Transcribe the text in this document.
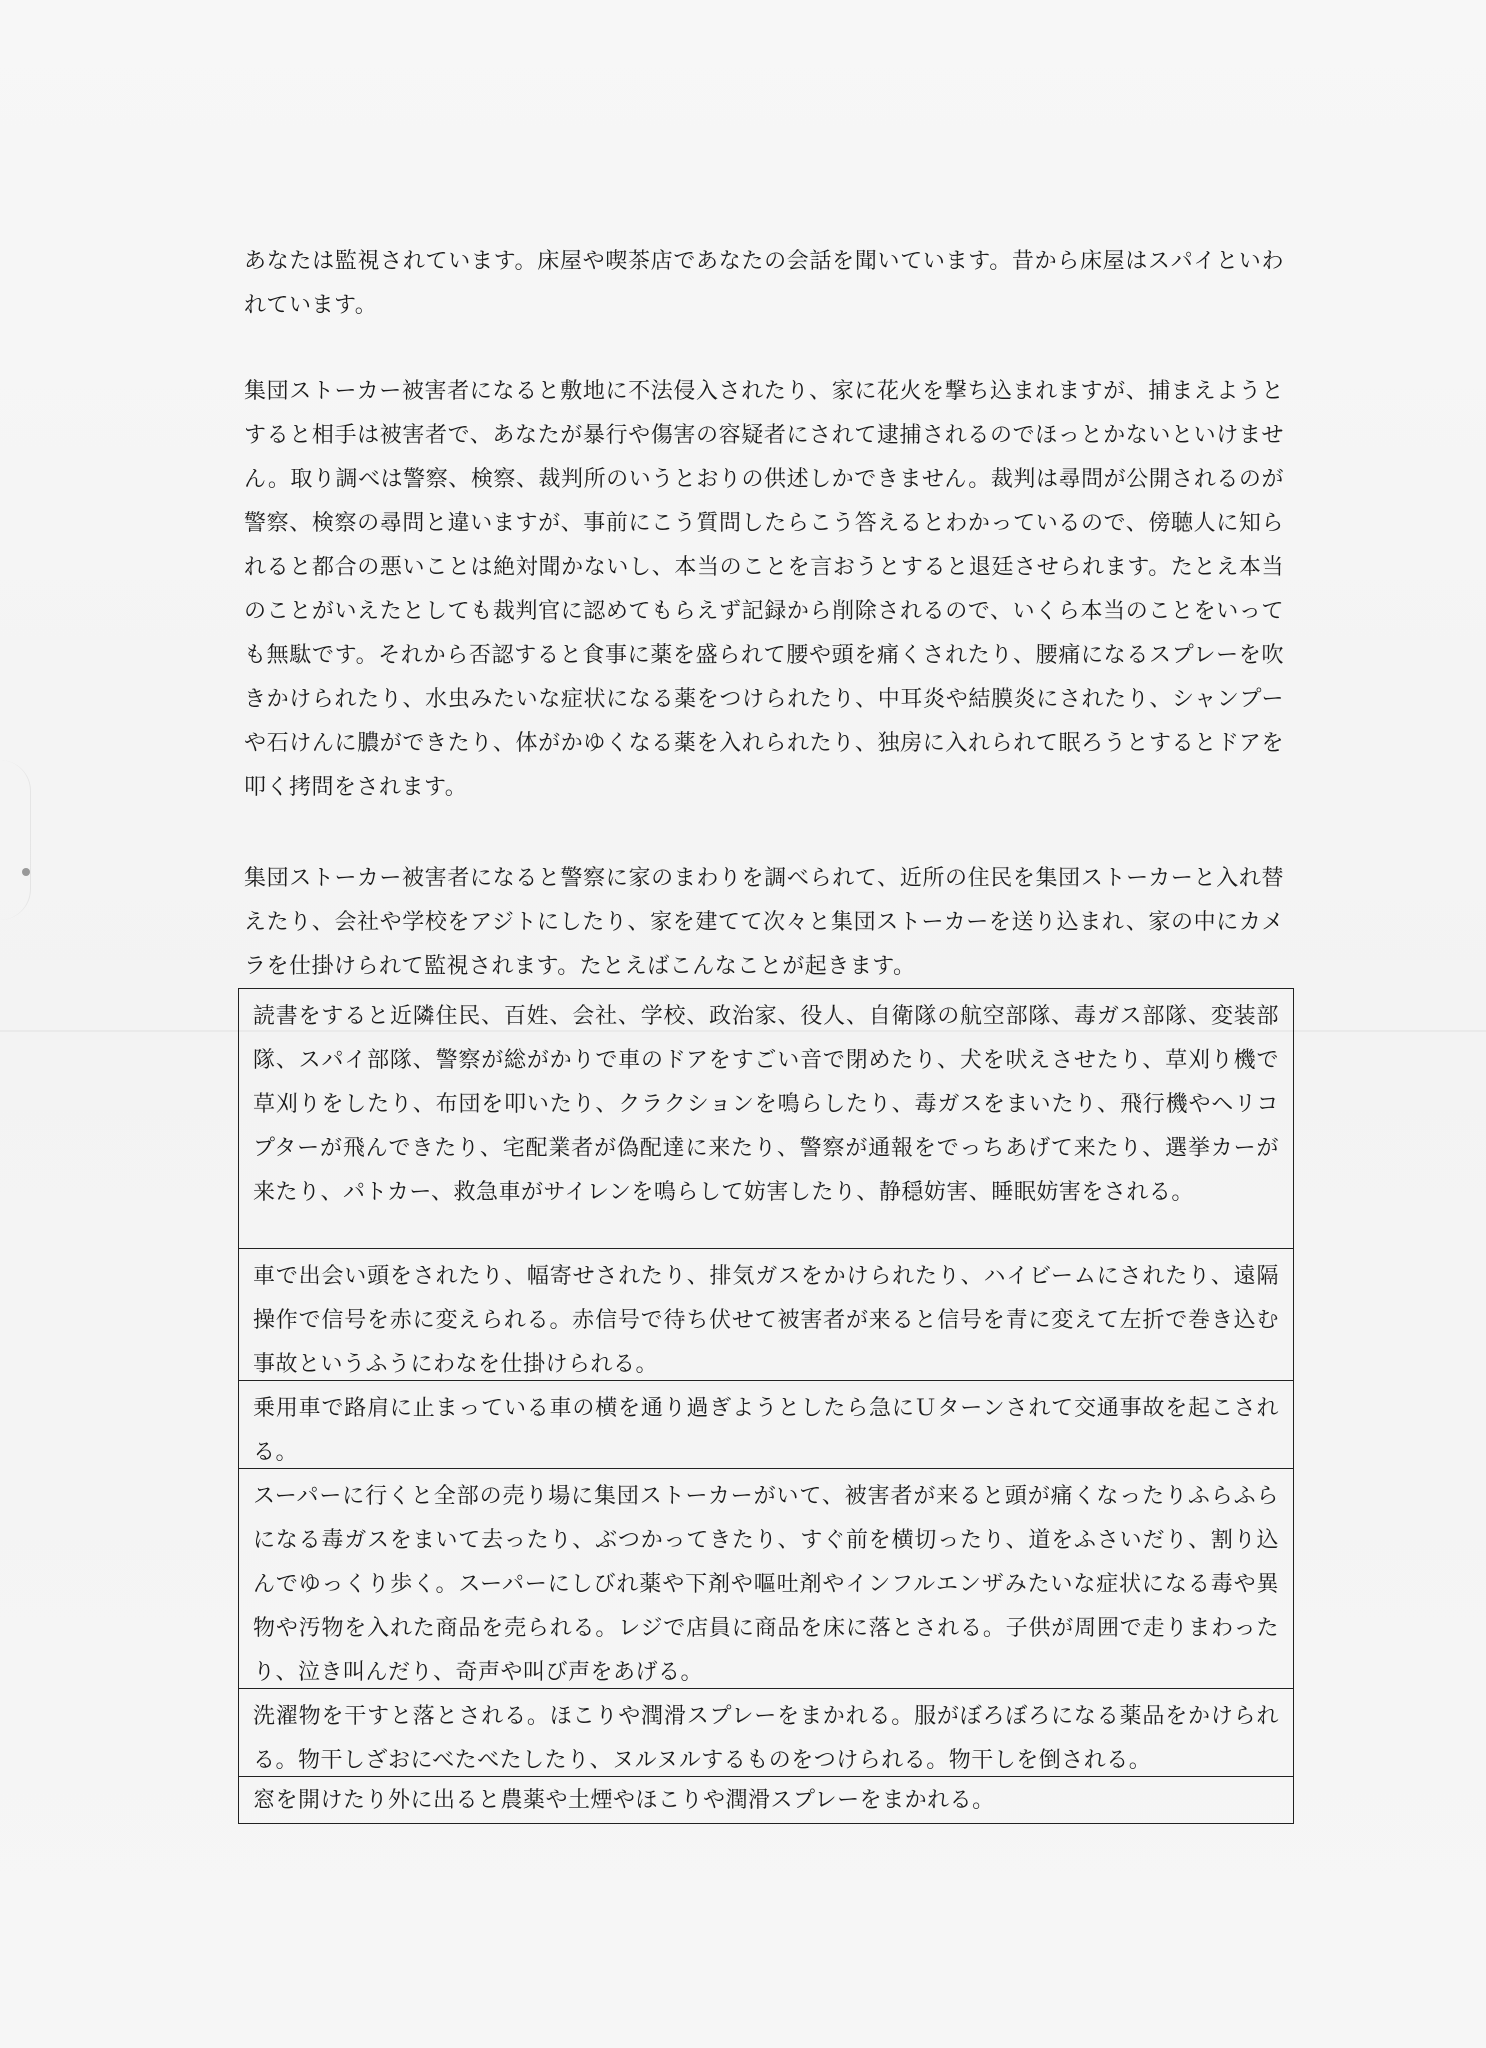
あなたは監視されています。床屋や喫茶店であなたの会話を聞いています。昔から床屋はスパイといわれています。

集団ストーカー被害者になると敷地に不法侵入されたり、家に花火を撃ち込まれますが、捕まえようとすると相手は被害者で、あなたが暴行や傷害の容疑者にされて逮捕されるのでほっとかないといけません。取り調べは警察、検察、裁判所のいうとおりの供述しかできません。裁判は尋問が公開されるのが警察、検察の尋問と違いますが、事前にこう質問したらこう答えるとわかっているので、傍聴人に知られると都合の悪いことは絶対聞かないし、本当のことを言おうとすると退廷させられます。たとえ本当のことがいえたとしても裁判官に認めてもらえず記録から削除されるので、いくら本当のことをいっても無駄です。それから否認すると食事に薬を盛られて腰や頭を痛くされたり、腰痛になるスプレーを吹きかけられたり、水虫みたいな症状になる薬をつけられたり、中耳炎や結膜炎にされたり、シャンプーや石けんに膿ができたり、体がかゆくなる薬を入れられたり、独房に入れられて眠ろうとするとドアを叩く拷問をされます。

集団ストーカー被害者になると警察に家のまわりを調べられて、近所の住民を集団ストーカーと入れ替えたり、会社や学校をアジトにしたり、家を建てて次々と集団ストーカーを送り込まれ、家の中にカメラを仕掛けられて監視されます。たとえばこんなことが起きます。

読書をすると近隣住民、百姓、会社、学校、政治家、役人、自衛隊の航空部隊、毒ガス部隊、変装部隊、スパイ部隊、警察が総がかりで車のドアをすごい音で閉めたり、犬を吠えさせたり、草刈り機で草刈りをしたり、布団を叩いたり、クラクションを鳴らしたり、毒ガスをまいたり、飛行機やヘリコプターが飛んできたり、宅配業者が偽配達に来たり、警察が通報をでっちあげて来たり、選挙カーが来たり、パトカー、救急車がサイレンを鳴らして妨害したり、静穏妨害、睡眠妨害をされる。
車で出会い頭をされたり、幅寄せされたり、排気ガスをかけられたり、ハイビームにされたり、遠隔操作で信号を赤に変えられる。赤信号で待ち伏せて被害者が来ると信号を青に変えて左折で巻き込む事故というふうにわなを仕掛けられる。
乗用車で路肩に止まっている車の横を通り過ぎようとしたら急にＵターンされて交通事故を起こされる。
スーパーに行くと全部の売り場に集団ストーカーがいて、被害者が来ると頭が痛くなったりふらふらになる毒ガスをまいて去ったり、ぶつかってきたり、すぐ前を横切ったり、道をふさいだり、割り込んでゆっくり歩く。スーパーにしびれ薬や下剤や嘔吐剤やインフルエンザみたいな症状になる毒や異物や汚物を入れた商品を売られる。レジで店員に商品を床に落とされる。子供が周囲で走りまわったり、泣き叫んだり、奇声や叫び声をあげる。
洗濯物を干すと落とされる。ほこりや潤滑スプレーをまかれる。服がぼろぼろになる薬品をかけられる。物干しざおにべたべたしたり、ヌルヌルするものをつけられる。物干しを倒される。
窓を開けたり外に出ると農薬や土煙やほこりや潤滑スプレーをまかれる。
